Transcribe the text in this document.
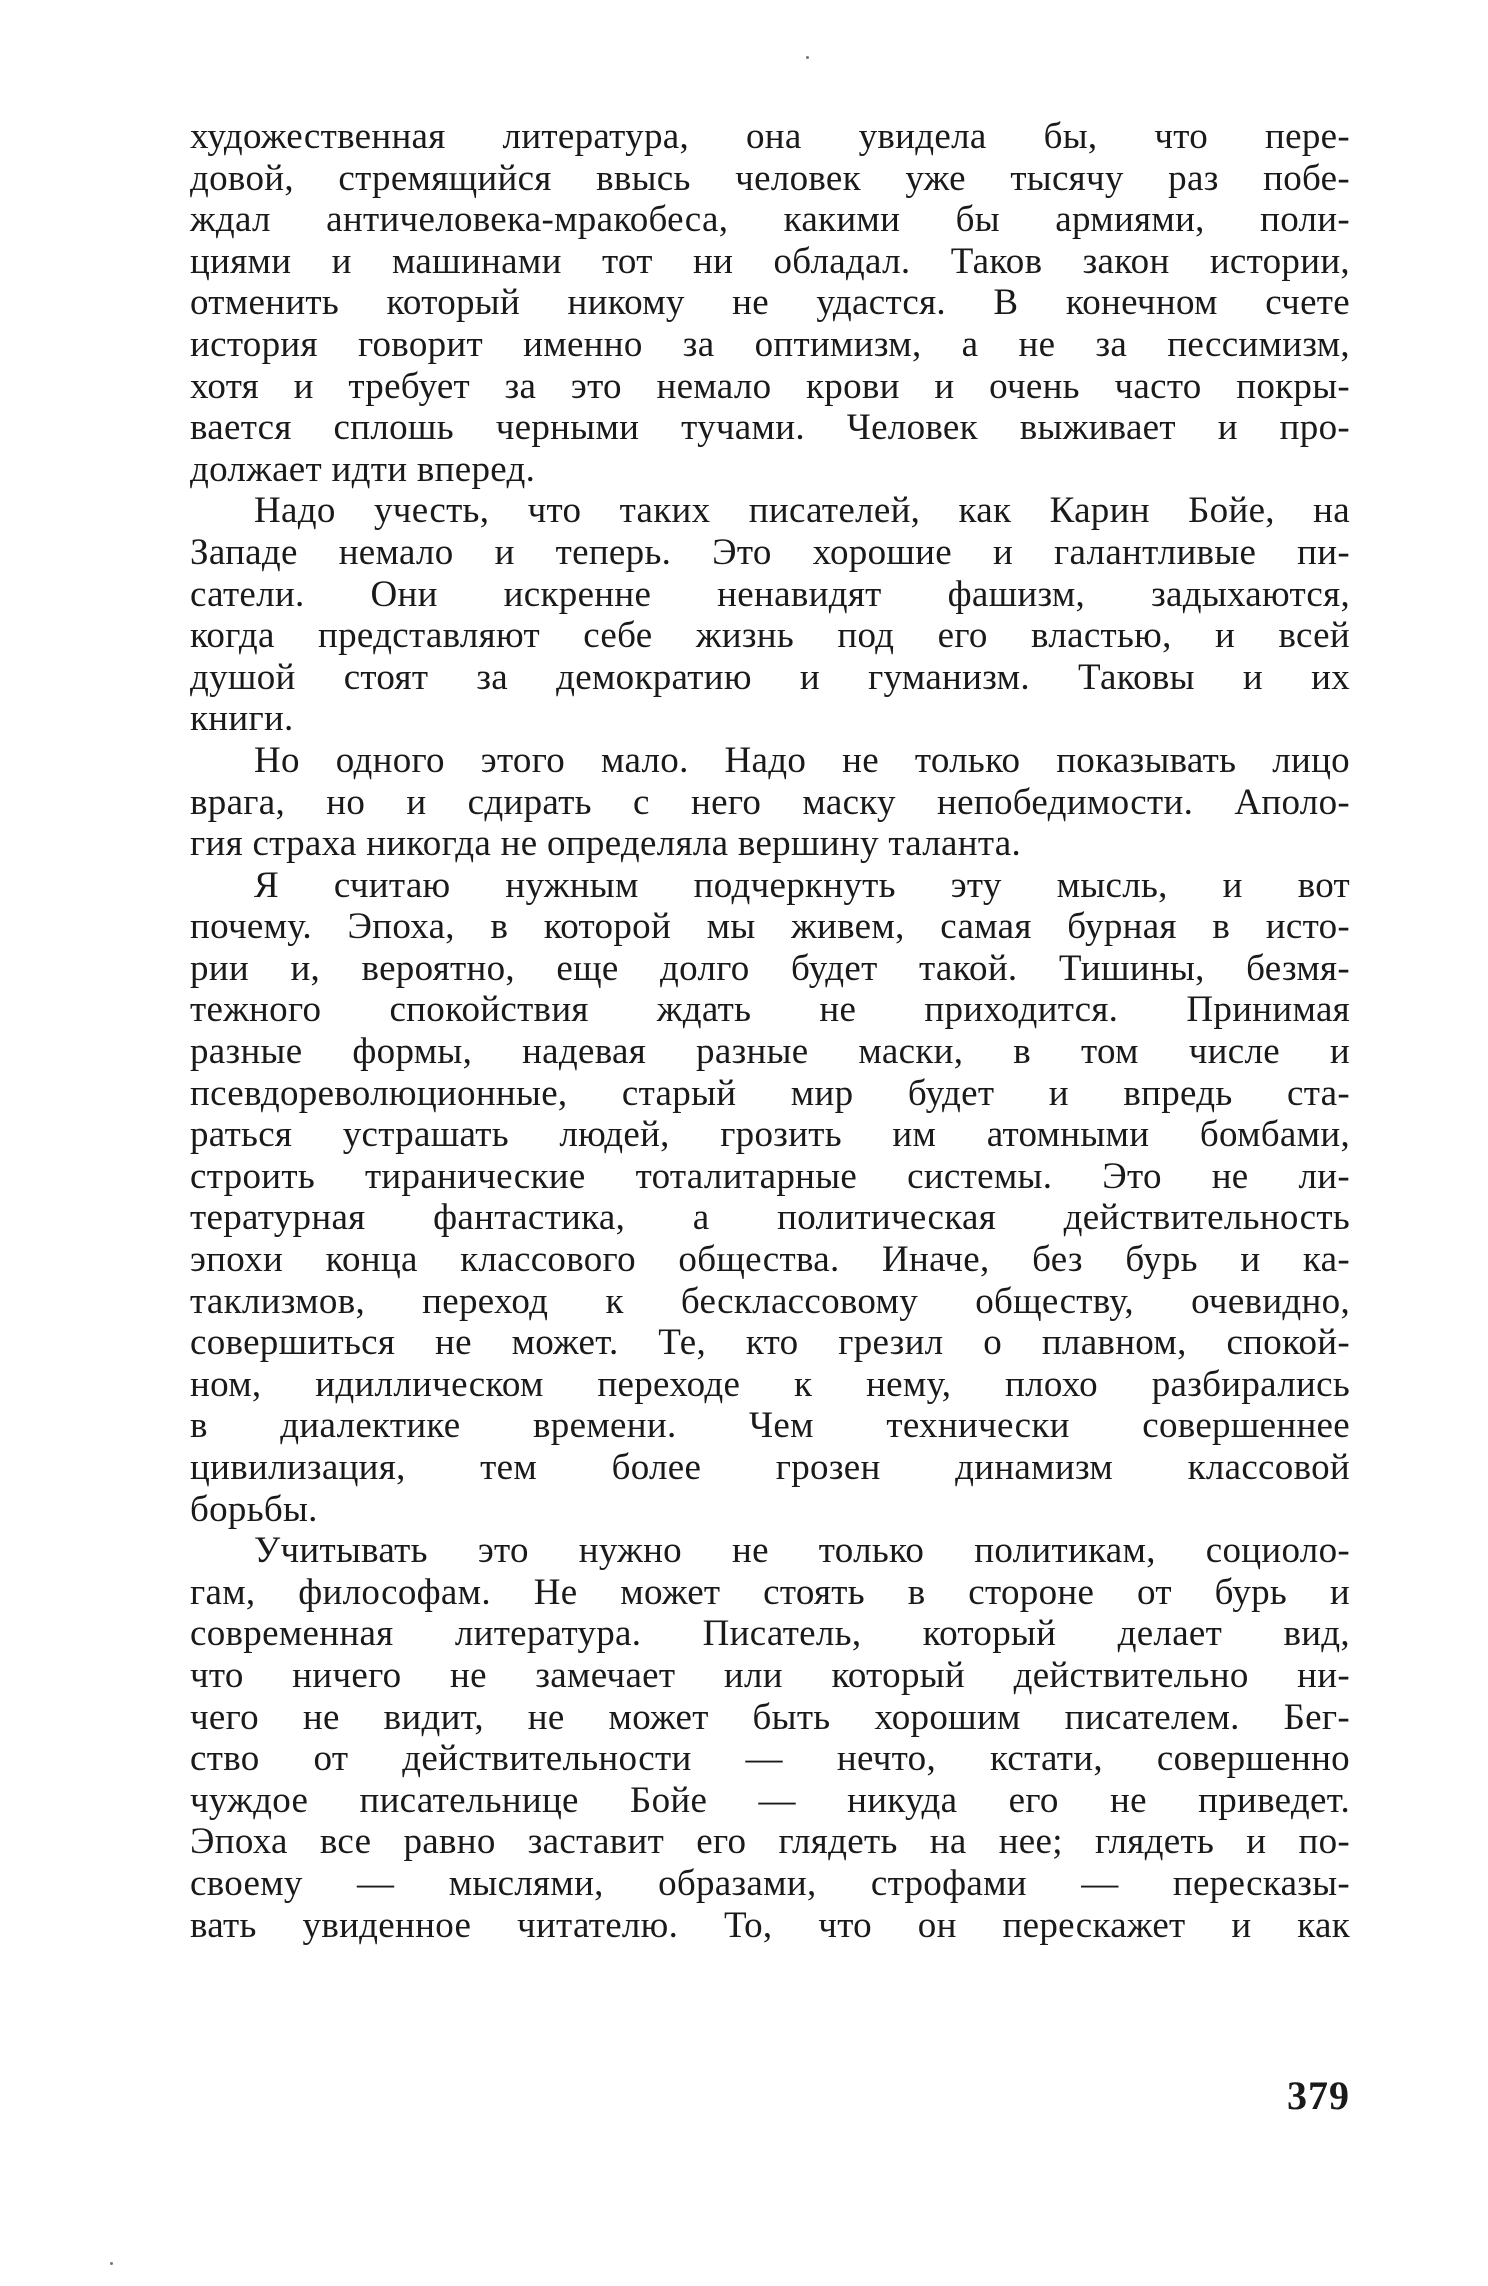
художественная литература, она увидела бы, что пере-
довой, стремящийся ввысь человек уже тысячу раз побе-
ждал античеловека-мракобеса, какими бы армиями, поли-
циями и машинами тот ни обладал. Таков закон истории,
отменить который никому не удастся. В конечном счете
история говорит именно за оптимизм, а не за пессимизм,
хотя и требует за это немало крови и очень часто покры-
вается сплошь черными тучами. Человек выживает и про-
должает идти вперед.
Надо учесть, что таких писателей, как Карин Бойе, на
Западе немало и теперь. Это хорошие и галантливые пи-
сатели. Они искренне ненавидят фашизм, задыхаются,
когда представляют себе жизнь под его властью, и всей
душой стоят за демократию и гуманизм. Таковы и их
книги.
Но одного этого мало. Надо не только показывать лицо
врага, но и сдирать с него маску непобедимости. Аполо-
гия страха никогда не определяла вершину таланта.
Я считаю нужным подчеркнуть эту мысль, и вот
почему. Эпоха, в которой мы живем, самая бурная в исто-
рии и, вероятно, еще долго будет такой. Тишины, безмя-
тежного спокойствия ждать не приходится. Принимая
разные формы, надевая разные маски, в том числе и
псевдореволюционные, старый мир будет и впредь ста-
раться устрашать людей, грозить им атомными бомбами,
строить тиранические тоталитарные системы. Это не ли-
тературная фантастика, а политическая действительность
эпохи конца классового общества. Иначе, без бурь и ка-
таклизмов, переход к бесклассовому обществу, очевидно,
совершиться не может. Те, кто грезил о плавном, спокой-
ном, идиллическом переходе к нему, плохо разбирались
в диалектике времени. Чем технически совершеннее
цивилизация, тем более грозен динамизм классовой
борьбы.
Учитывать это нужно не только политикам, социоло-
гам, философам. Не может стоять в стороне от бурь и
современная литература. Писатель, который делает вид,
что ничего не замечает или который действительно ни-
чего не видит, не может быть хорошим писателем. Бег-
ство от действительности — нечто, кстати, совершенно
чуждое писательнице Бойе — никуда его не приведет.
Эпоха все равно заставит его глядеть на нее; глядеть и по-
своему — мыслями, образами, строфами — пересказы-
вать увиденное читателю. То, что он перескажет и как
379
